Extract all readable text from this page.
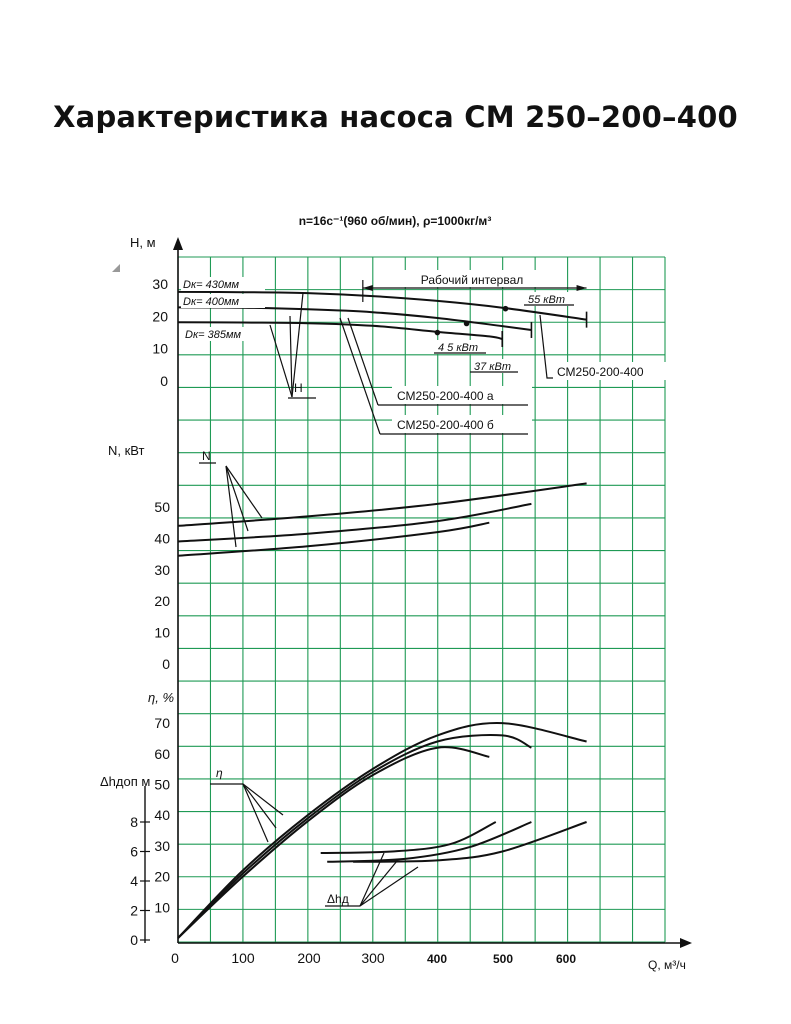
Характеристика насоса СМ 250–200–400
0	100	200	300	400	500	600	Q, м³/ч
H, м
0
10
20
30
N, кВт
0
10
20
30
40
50
η, %
10
20
30
40
50
60
70
Δhдоп м
0
2
4
6
8
n=16с⁻¹(960 об/мин), ρ=1000кг/м³
Рабочий интервал
Dк= 430мм
Dк= 400мм
Dк= 385мм
55 кВт
4 5 кВт
37 кВт	СМ250-200-400
СМ250-200-400 а
СМ250-200-400 б
H
N
η
Δhд
